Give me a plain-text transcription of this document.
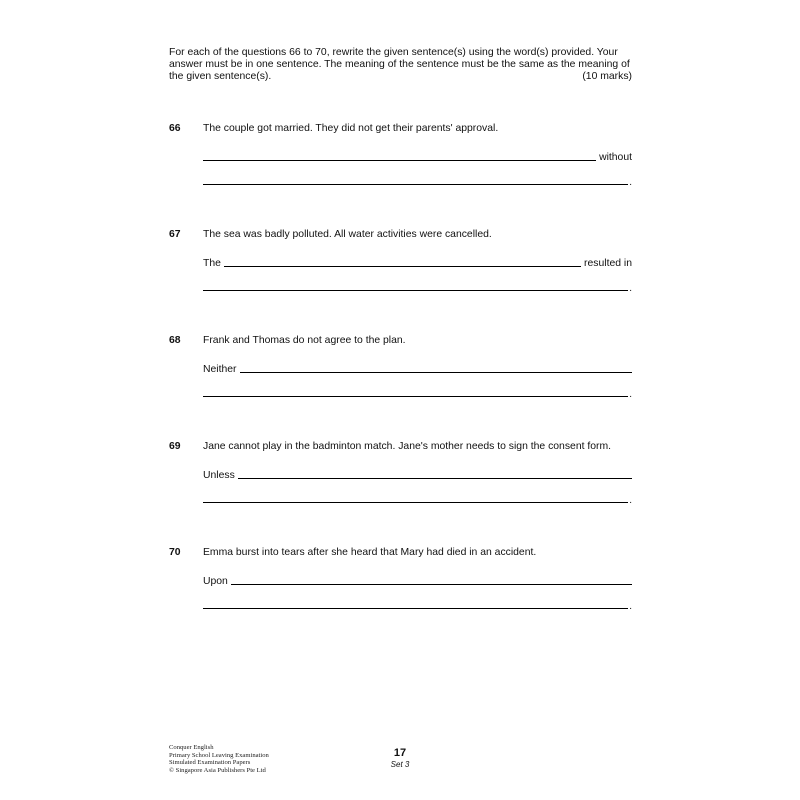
For each of the questions 66 to 70, rewrite the given sentence(s) using the word(s) provided. Your
answer must be in one sentence. The meaning of the sentence must be the same as the meaning of
the given sentence(s).	(10 marks)
66 The couple got married. They did not get their parents' approval.
without
.
67 The sea was badly polluted. All water activities were cancelled.
The	resulted in
.
68 Frank and Thomas do not agree to the plan.
Neither
.
69 Jane cannot play in the badminton match. Jane's mother needs to sign the consent form.
Unless
.
70 Emma burst into tears after she heard that Mary had died in an accident.
Upon
.
Conquer English
Primary School Leaving Examination
Simulated Examination Papers
© Singapore Asia Publishers Pte Ltd
17
Set 3
